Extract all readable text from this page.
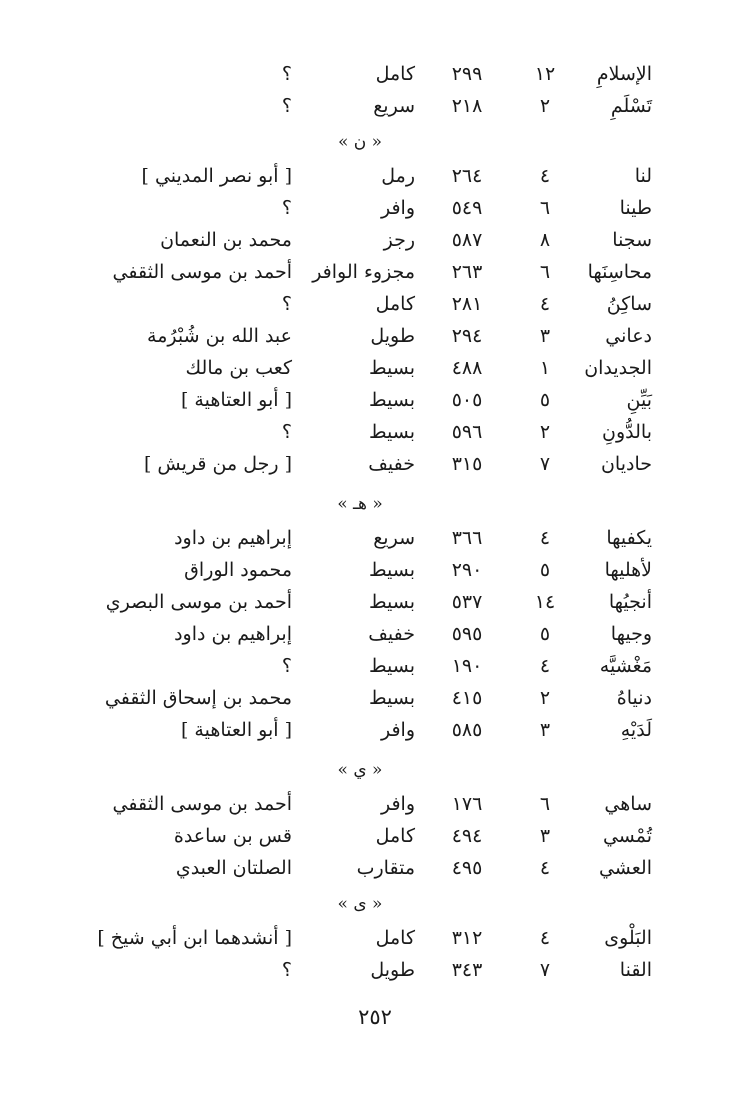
الإسلامِ
١٢
٢٩٩
كامل
؟
تَسْلَمِ
٢
٢١٨
سريع
؟
« ن »
لنا
٤
٢٦٤
رمل
[ أبو نصر المديني ]
طينا
٦
٥٤٩
وافر
؟
سجنا
٨
٥٨٧
رجز
محمد بن النعمان
محاسِنَها
٦
٢٦٣
مجزوء الوافر
أحمد بن موسى الثقفي
ساكِنُ
٤
٢٨١
كامل
؟
دعاني
٣
٢٩٤
طويل
عبد الله بن شُبْرُمة
الجديدان
١
٤٨٨
بسيط
كعب بن مالك
بَيِّنِ
٥
٥٠٥
بسيط
[ أبو العتاهية ]
بالدُّونِ
٢
٥٩٦
بسيط
؟
حاديان
٧
٣١٥
خفيف
[ رجل من قريش ]
« هـ »
يكفيها
٤
٣٦٦
سريع
إبراهيم بن داود
لأهليها
٥
٢٩٠
بسيط
محمود الوراق
أنجيُها
١٤
٥٣٧
بسيط
أحمد بن موسى البصري
وجيها
٥
٥٩٥
خفيف
إبراهيم بن داود
مَغْشيَّه
٤
١٩٠
بسيط
؟
دنياهُ
٢
٤١٥
بسيط
محمد بن إسحاق الثقفي
لَدَيْهِ
٣
٥٨٥
وافر
[ أبو العتاهية ]
« ي »
ساهي
٦
١٧٦
وافر
أحمد بن موسى الثقفي
تُمْسي
٣
٤٩٤
كامل
قس بن ساعدة
العشي
٤
٤٩٥
متقارب
الصلتان العبدي
« ى »
البَلْوى
٤
٣١٢
كامل
[ أنشدهما ابن أبي شيخ ]
القنا
٧
٣٤٣
طويل
؟
٢٥٢
